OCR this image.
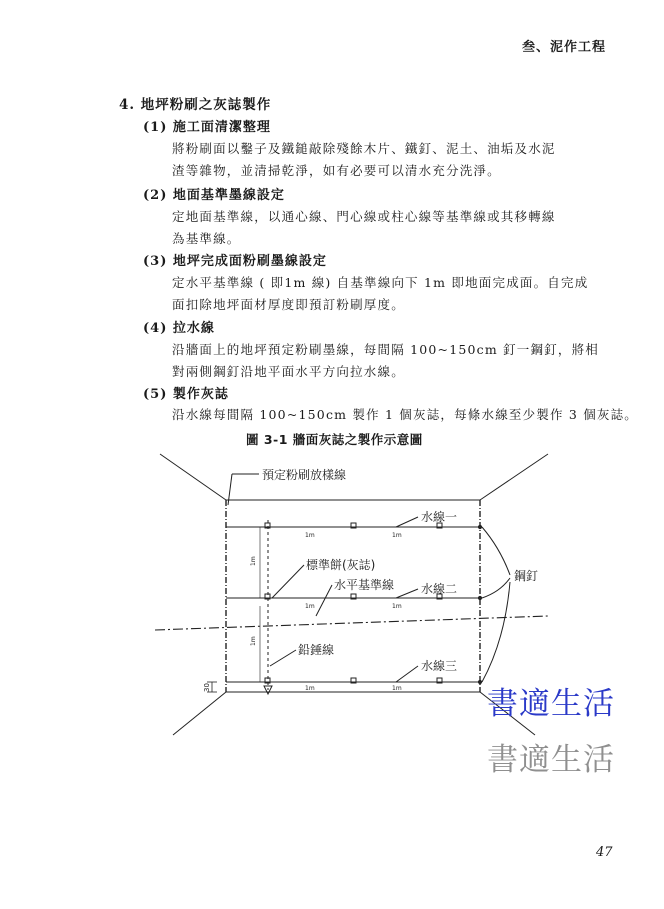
叁、泥作工程
4. 地坪粉刷之灰誌製作
(1) 施工面清潔整理
將粉刷面以鑿子及鐵鎚敲除殘餘木片、鐵釘、泥土、油垢及水泥
渣等雜物，並清掃乾淨，如有必要可以清水充分洗淨。
(2) 地面基準墨線設定
定地面基準線，以通心線、門心線或柱心線等基準線或其移轉線
為基準線。
(3) 地坪完成面粉刷墨線設定
定水平基準線 ( 即1m 線) 自基準線向下 1m 即地面完成面。自完成
面扣除地坪面材厚度即預訂粉刷厚度。
(4) 拉水線
沿牆面上的地坪預定粉刷墨線，每間隔 100~150cm 釘一鋼釘，將相
對兩側鋼釘沿地平面水平方向拉水線。
(5) 製作灰誌
沿水線每間隔 100~150cm 製作 1 個灰誌，每條水線至少製作 3 個灰誌。
圖 3-1 牆面灰誌之製作示意圖
預定粉刷放樣線
水線一
水線二
水線三
鋼釘
標準餅(灰誌)
水平基準線
鉛錘線
1m	1m
1m	1m
1m	1m
1m
1m
30	書適生活
書適生活
47
